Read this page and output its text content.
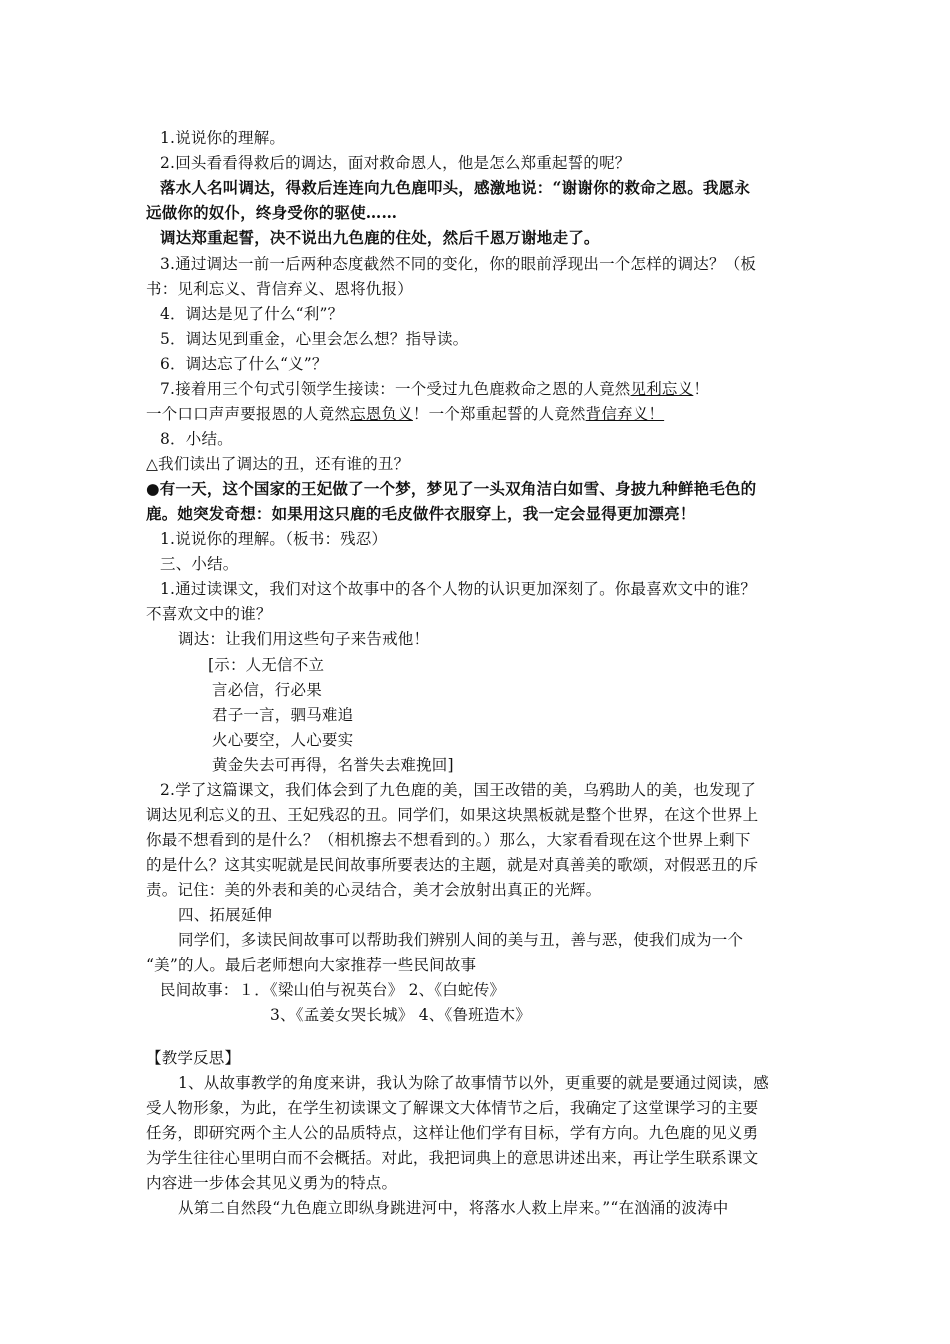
1.说说你的理解。
2.回头看看得救后的调达，面对救命恩人，他是怎么郑重起誓的呢？
落水人名叫调达，得救后连连向九色鹿叩头，感激地说：“谢谢你的救命之恩。我愿永
远做你的奴仆，终身受你的驱使……
调达郑重起誓，决不说出九色鹿的住处，然后千恩万谢地走了。
3.通过调达一前一后两种态度截然不同的变化，你的眼前浮现出一个怎样的调达？（板
书：见利忘义、背信弃义、恩将仇报）
4．调达是见了什么“利”？
5．调达见到重金，心里会怎么想？指导读。
6．调达忘了什么“义”？
7.接着用三个句式引领学生接读：一个受过九色鹿救命之恩的人竟然见利忘义！
一个口口声声要报恩的人竟然忘恩负义！一个郑重起誓的人竟然背信弃义！
8．小结。
△我们读出了调达的丑，还有谁的丑？
●有一天，这个国家的王妃做了一个梦，梦见了一头双角洁白如雪、身披九种鲜艳毛色的
鹿。她突发奇想：如果用这只鹿的毛皮做件衣服穿上，我一定会显得更加漂亮！
1.说说你的理解。（板书：残忍）
三、小结。
1.通过读课文，我们对这个故事中的各个人物的认识更加深刻了。你最喜欢文中的谁？
不喜欢文中的谁？
调达：让我们用这些句子来告戒他！
[示：人无信不立
言必信，行必果
君子一言，驷马难追
火心要空，人心要实
黄金失去可再得，名誉失去难挽回]
2.学了这篇课文，我们体会到了九色鹿的美，国王改错的美，乌鸦助人的美，也发现了
调达见利忘义的丑、王妃残忍的丑。同学们，如果这块黑板就是整个世界，在这个世界上
你最不想看到的是什么？（相机擦去不想看到的。）那么，大家看看现在这个世界上剩下
的是什么？这其实呢就是民间故事所要表达的主题，就是对真善美的歌颂，对假恶丑的斥
责。记住：美的外表和美的心灵结合，美才会放射出真正的光辉。
四、拓展延伸
同学们，多读民间故事可以帮助我们辨别人间的美与丑，善与恶，使我们成为一个
“美”的人。最后老师想向大家推荐一些民间故事
民间故事：１．《梁山伯与祝英台》 2、《白蛇传》
3、《孟姜女哭长城》 4、《鲁班造木》
【教学反思】
1、从故事教学的角度来讲，我认为除了故事情节以外，更重要的就是要通过阅读，感
受人物形象，为此，在学生初读课文了解课文大体情节之后，我确定了这堂课学习的主要
任务，即研究两个主人公的品质特点，这样让他们学有目标，学有方向。九色鹿的见义勇
为学生往往心里明白而不会概括。对此，我把词典上的意思讲述出来，再让学生联系课文
内容进一步体会其见义勇为的特点。
从第二自然段“九色鹿立即纵身跳进河中，将落水人救上岸来。”“在汹涌的波涛中
